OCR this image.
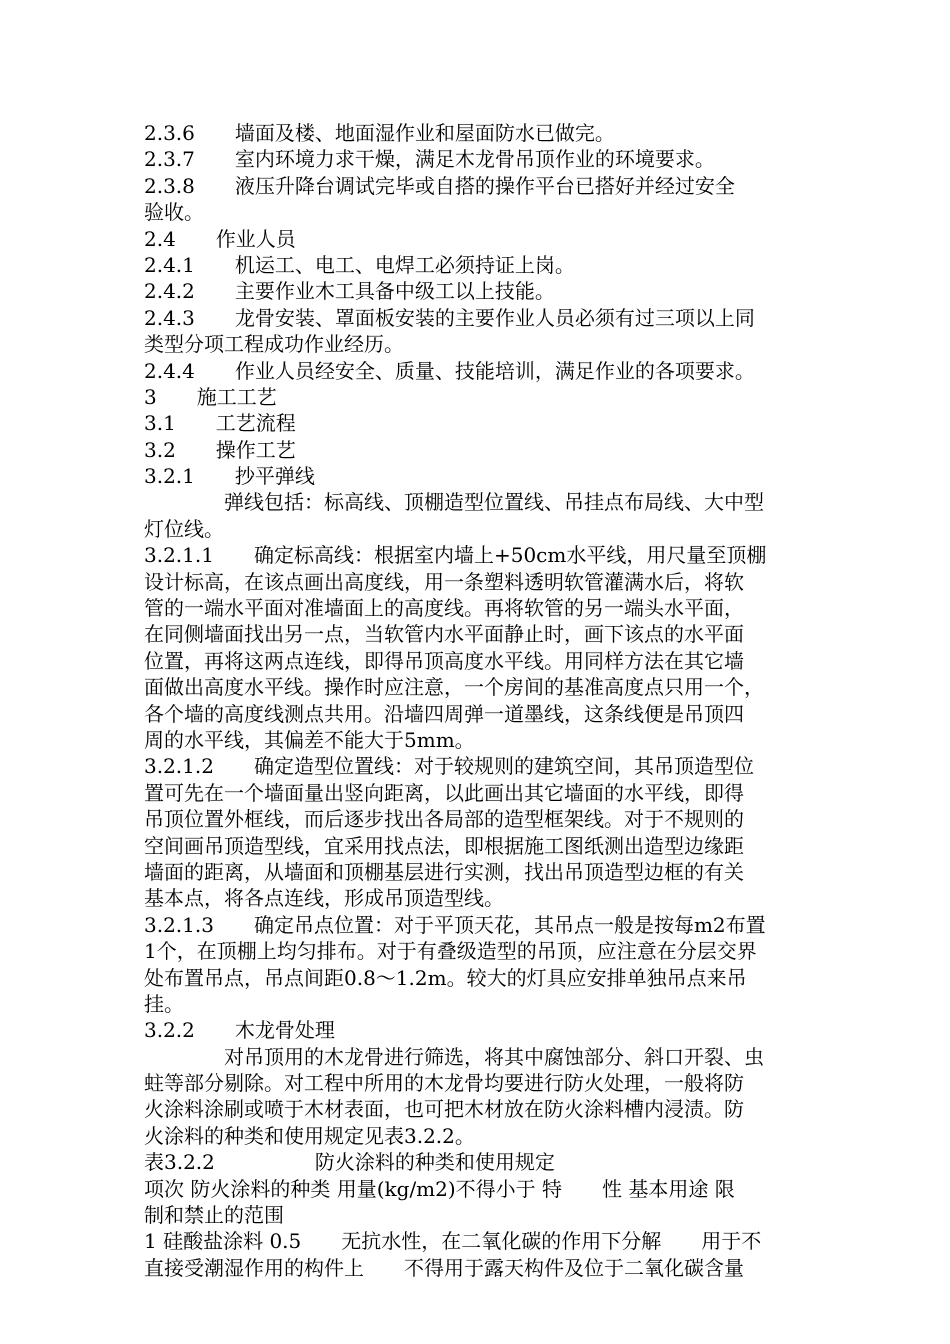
2.3.6　　墙面及楼、地面湿作业和屋面防水已做完。
2.3.7　　室内环境力求干燥，满足木龙骨吊顶作业的环境要求。
2.3.8　　液压升降台调试完毕或自搭的操作平台已搭好并经过安全
验收。
2.4　　作业人员
2.4.1　　机运工、电工、电焊工必须持证上岗。
2.4.2　　主要作业木工具备中级工以上技能。
2.4.3　　龙骨安装、罩面板安装的主要作业人员必须有过三项以上同
类型分项工程成功作业经历。
2.4.4　　作业人员经安全、质量、技能培训，满足作业的各项要求。
3　　施工工艺
3.1　　工艺流程
3.2　　操作工艺
3.2.1　　抄平弹线
　　　　弹线包括：标高线、顶棚造型位置线、吊挂点布局线、大中型
灯位线。
3.2.1.1　　确定标高线：根据室内墙上+50cm水平线，用尺量至顶棚
设计标高，在该点画出高度线，用一条塑料透明软管灌满水后，将软
管的一端水平面对准墙面上的高度线。再将软管的另一端头水平面，
在同侧墙面找出另一点，当软管内水平面静止时，画下该点的水平面
位置，再将这两点连线，即得吊顶高度水平线。用同样方法在其它墙
面做出高度水平线。操作时应注意，一个房间的基准高度点只用一个，
各个墙的高度线测点共用。沿墙四周弹一道墨线，这条线便是吊顶四
周的水平线，其偏差不能大于5mm。
3.2.1.2　　确定造型位置线：对于较规则的建筑空间，其吊顶造型位
置可先在一个墙面量出竖向距离，以此画出其它墙面的水平线，即得
吊顶位置外框线，而后逐步找出各局部的造型框架线。对于不规则的
空间画吊顶造型线，宜采用找点法，即根据施工图纸测出造型边缘距
墙面的距离，从墙面和顶棚基层进行实测，找出吊顶造型边框的有关
基本点，将各点连线，形成吊顶造型线。
3.2.1.3　　确定吊点位置：对于平顶天花，其吊点一般是按每m2布置
1个，在顶棚上均匀排布。对于有叠级造型的吊顶，应注意在分层交界
处布置吊点，吊点间距0.8～1.2m。较大的灯具应安排单独吊点来吊
挂。
3.2.2　　木龙骨处理
　　　　对吊顶用的木龙骨进行筛选，将其中腐蚀部分、斜口开裂、虫
蛀等部分剔除。对工程中所用的木龙骨均要进行防火处理，一般将防
火涂料涂刷或喷于木材表面，也可把木材放在防火涂料槽内浸渍。防
火涂料的种类和使用规定见表3.2.2。
表3.2.2　　　　　防火涂料的种类和使用规定
项次 防火涂料的种类 用量(kg/m2)不得小于 特　　性 基本用途 限
制和禁止的范围
1 硅酸盐涂料 0.5　　无抗水性，在二氧化碳的作用下分解　　用于不
直接受潮湿作用的构件上　　不得用于露天构件及位于二氧化碳含量
